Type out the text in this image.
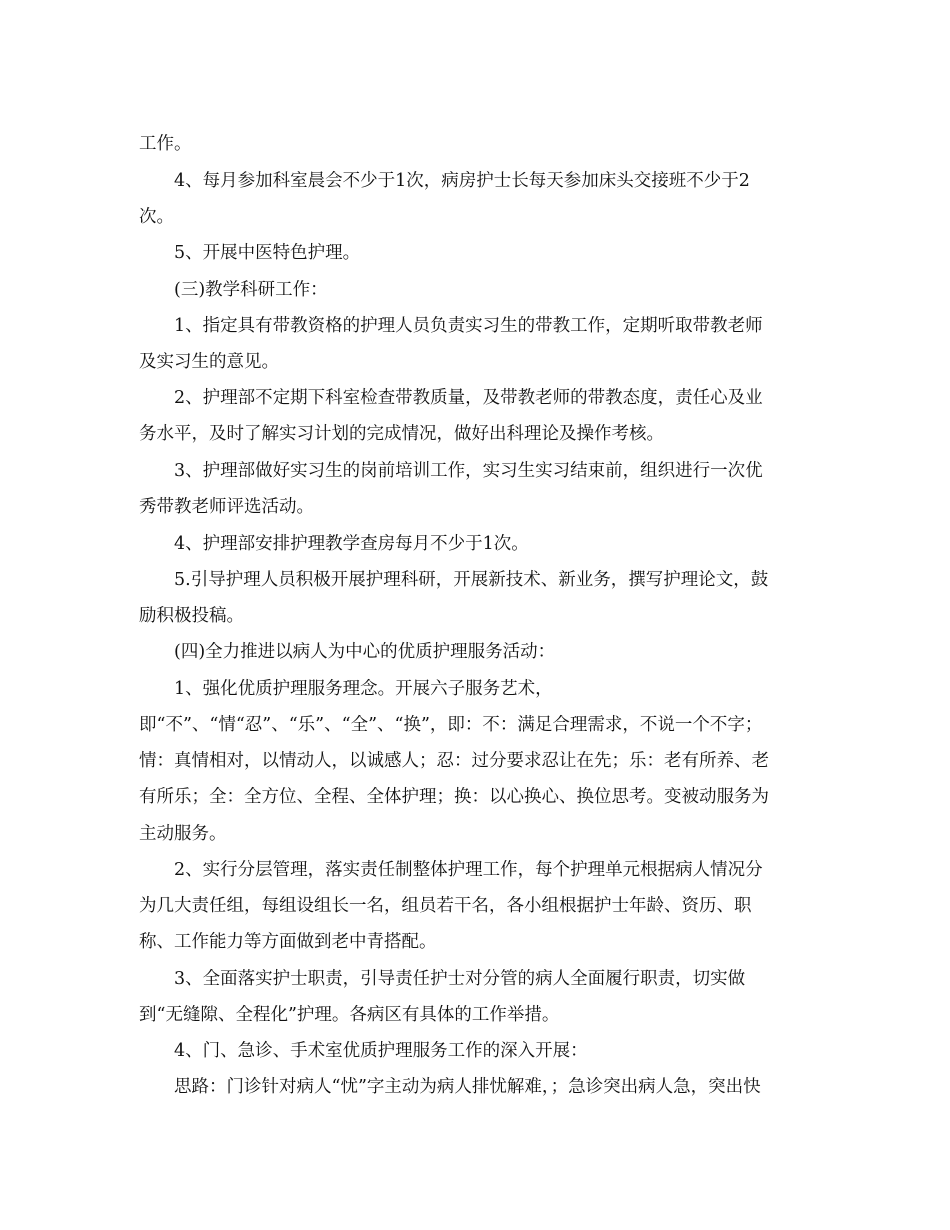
工作。
4、每月参加科室晨会不少于1次，病房护士长每天参加床头交接班不少于2
次。
5、开展中医特色护理。
(三)教学科研工作：
1、指定具有带教资格的护理人员负责实习生的带教工作，定期听取带教老师
及实习生的意见。
2、护理部不定期下科室检查带教质量，及带教老师的带教态度，责任心及业
务水平，及时了解实习计划的完成情况，做好出科理论及操作考核。
3、护理部做好实习生的岗前培训工作，实习生实习结束前，组织进行一次优
秀带教老师评选活动。
4、护理部安排护理教学查房每月不少于1次。
5.引导护理人员积极开展护理科研，开展新技术、新业务，撰写护理论文，鼓
励积极投稿。
(四)全力推进以病人为中心的优质护理服务活动：
1、强化优质护理服务理念。开展六子服务艺术，
即“不”、“情“忍”、“乐”、“全”、“换”，即：不：满足合理需求，不说一个不字；
情：真情相对，以情动人，以诚感人；忍：过分要求忍让在先；乐：老有所养、老
有所乐；全：全方位、全程、全体护理；换：以心换心、换位思考。变被动服务为
主动服务。
2、实行分层管理，落实责任制整体护理工作，每个护理单元根据病人情况分
为几大责任组，每组设组长一名，组员若干名，各小组根据护士年龄、资历、职
称、工作能力等方面做到老中青搭配。
3、全面落实护士职责，引导责任护士对分管的病人全面履行职责，切实做
到“无缝隙、全程化”护理。各病区有具体的工作举措。
4、门、急诊、手术室优质护理服务工作的深入开展：
思路：门诊针对病人“忧”字主动为病人排忧解难，；急诊突出病人急，突出快
